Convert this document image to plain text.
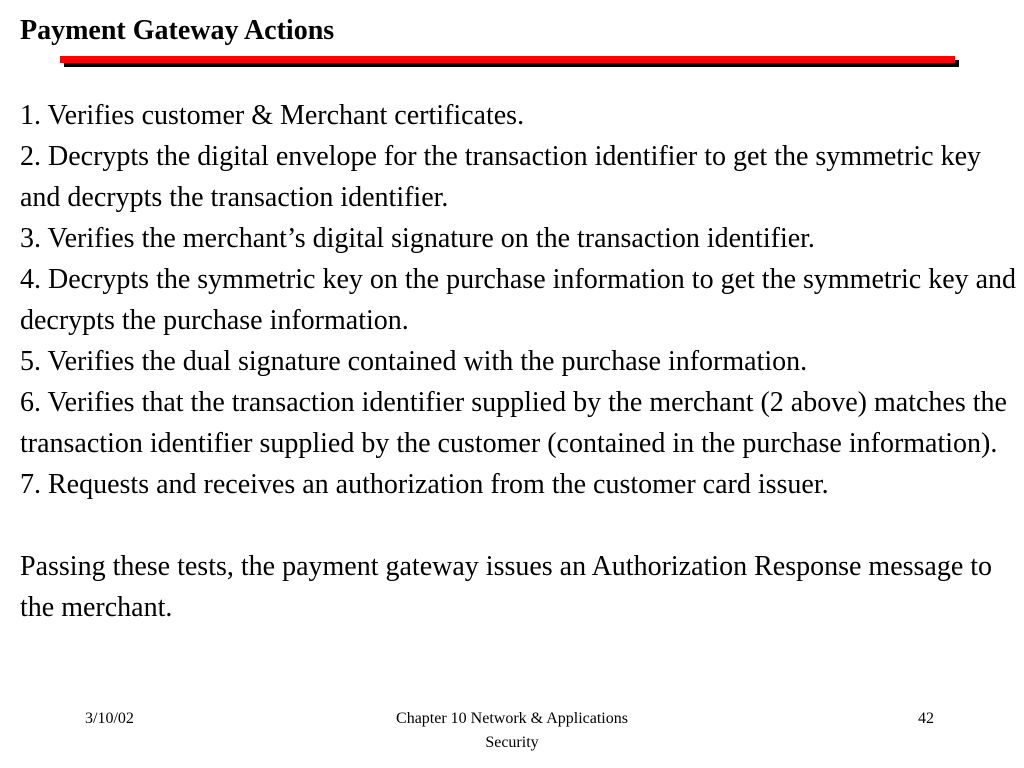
Payment Gateway Actions

1. Verifies customer & Merchant certificates.

2. Decrypts the digital envelope for the transaction identifier to get the symmetric key and decrypts the transaction identifier.

3. Verifies the merchant’s digital signature on the transaction identifier.

4. Decrypts the symmetric key on the purchase information to get the symmetric key and decrypts the purchase information.

5. Verifies the dual signature contained with the purchase information.

6. Verifies that the transaction identifier supplied by the merchant (2 above) matches the transaction identifier supplied by the customer (contained in the purchase information).

7. Requests and receives an authorization from the customer card issuer.

Passing these tests, the payment gateway issues an Authorization Response message to the merchant.

3/10/02	Chapter 10 Network & Applications
Security
42
